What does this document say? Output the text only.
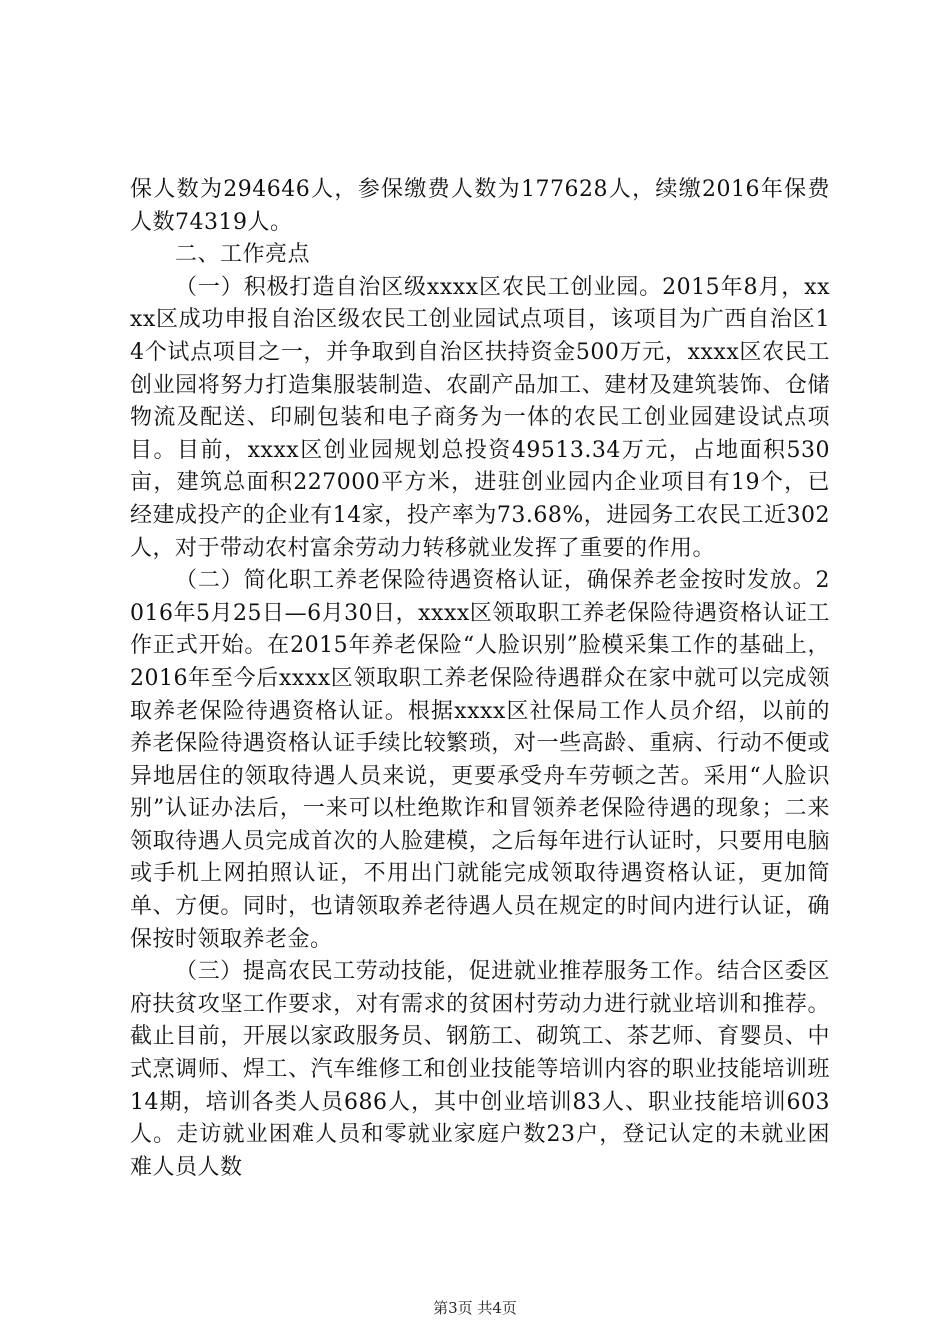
保人数为294646人，参保缴费人数为177628人，续缴2016年保费人数74319人。

二、工作亮点

（一）积极打造自治区级xxxx区农民工创业园。2015年8月，xxxx区成功申报自治区级农民工创业园试点项目，该项目为广西自治区14个试点项目之一，并争取到自治区扶持资金500万元，xxxx区农民工创业园将努力打造集服装制造、农副产品加工、建材及建筑装饰、仓储物流及配送、印刷包装和电子商务为一体的农民工创业园建设试点项目。目前，xxxx区创业园规划总投资49513.34万元，占地面积530亩，建筑总面积227000平方米，进驻创业园内企业项目有19个，已经建成投产的企业有14家，投产率为73.68%，进园务工农民工近302人，对于带动农村富余劳动力转移就业发挥了重要的作用。

（二）简化职工养老保险待遇资格认证，确保养老金按时发放。2016年5月25日—6月30日，xxxx区领取职工养老保险待遇资格认证工作正式开始。在2015年养老保险“人脸识别”脸模采集工作的基础上，2016年至今后xxxx区领取职工养老保险待遇群众在家中就可以完成领取养老保险待遇资格认证。根据xxxx区社保局工作人员介绍，以前的养老保险待遇资格认证手续比较繁琐，对一些高龄、重病、行动不便或异地居住的领取待遇人员来说，更要承受舟车劳顿之苦。采用“人脸识别”认证办法后，一来可以杜绝欺诈和冒领养老保险待遇的现象；二来领取待遇人员完成首次的人脸建模，之后每年进行认证时，只要用电脑或手机上网拍照认证，不用出门就能完成领取待遇资格认证，更加简单、方便。同时，也请领取养老待遇人员在规定的时间内进行认证，确保按时领取养老金。

（三）提高农民工劳动技能，促进就业推荐服务工作。结合区委区府扶贫攻坚工作要求，对有需求的贫困村劳动力进行就业培训和推荐。截止目前，开展以家政服务员、钢筋工、砌筑工、茶艺师、育婴员、中式烹调师、焊工、汽车维修工和创业技能等培训内容的职业技能培训班14期，培训各类人员686人，其中创业培训83人、职业技能培训603人。走访就业困难人员和零就业家庭户数23户，登记认定的未就业困难人员人数

第3页 共4页
